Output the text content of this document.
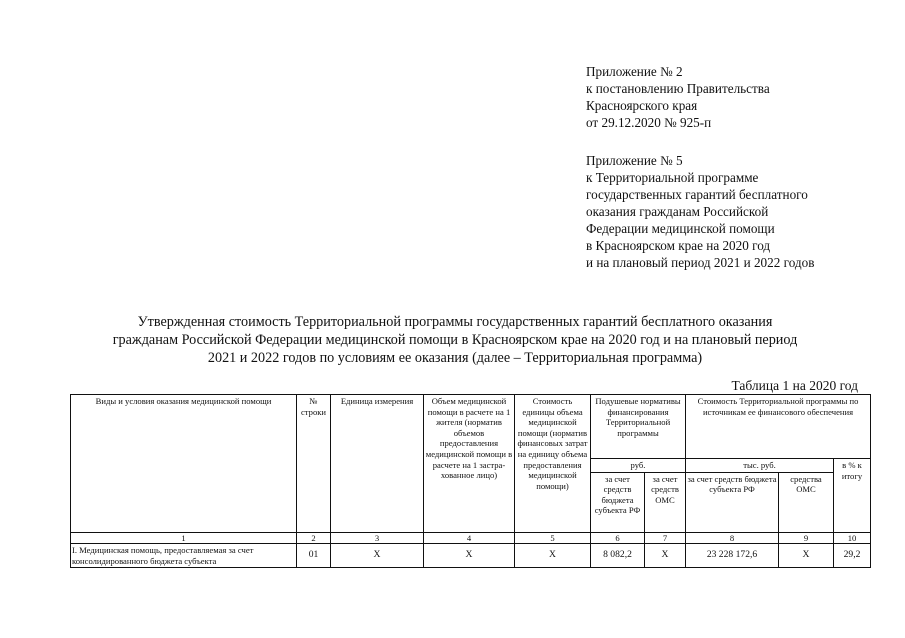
Приложение № 2
к постановлению Правительства
Красноярского края
от 29.12.2020 № 925-п
Приложение № 5
к Территориальной программе
государственных гарантий бесплатного
оказания гражданам Российской
Федерации медицинской помощи
в Красноярском крае на 2020 год
и на плановый период 2021 и 2022 годов
Утвержденная стоимость Территориальной программы государственных гарантий бесплатного оказания
гражданам Российской Федерации медицинской помощи в Красноярском крае на 2020 год и на плановый период
2021 и 2022 годов по условиям ее оказания (далее – Территориальная программа)
Таблица 1 на 2020 год
Виды и условия оказания медицинской помощи	№ строки	Единица измерения	Объем медицинской помощи в расчете на 1 жителя (норматив объемов предоставления медицинской помощи в расчете на 1 застра-хованное лицо)	Стоимость единицы объема медицинской помощи (норматив финансовых затрат на единицу объема предоставления медицинской помощи)	Подушевые нормативы финансирования Территориальной программы		Стоимость Территориальной программы по источникам ее финансового обеспечения		
					руб.		тыс. руб.		в % к итогу
					за счет средств бюджета субъекта РФ	за счет средств ОМС	за счет средств бюджета субъекта РФ	средства ОМС	
1	2	3	4	5	6	7	8	9	10
I. Медицинская помощь, предоставляемая за счет консолидированного бюджета субъекта	01	X	X	X	8 082,2	X	23 228 172,6	X	29,2
